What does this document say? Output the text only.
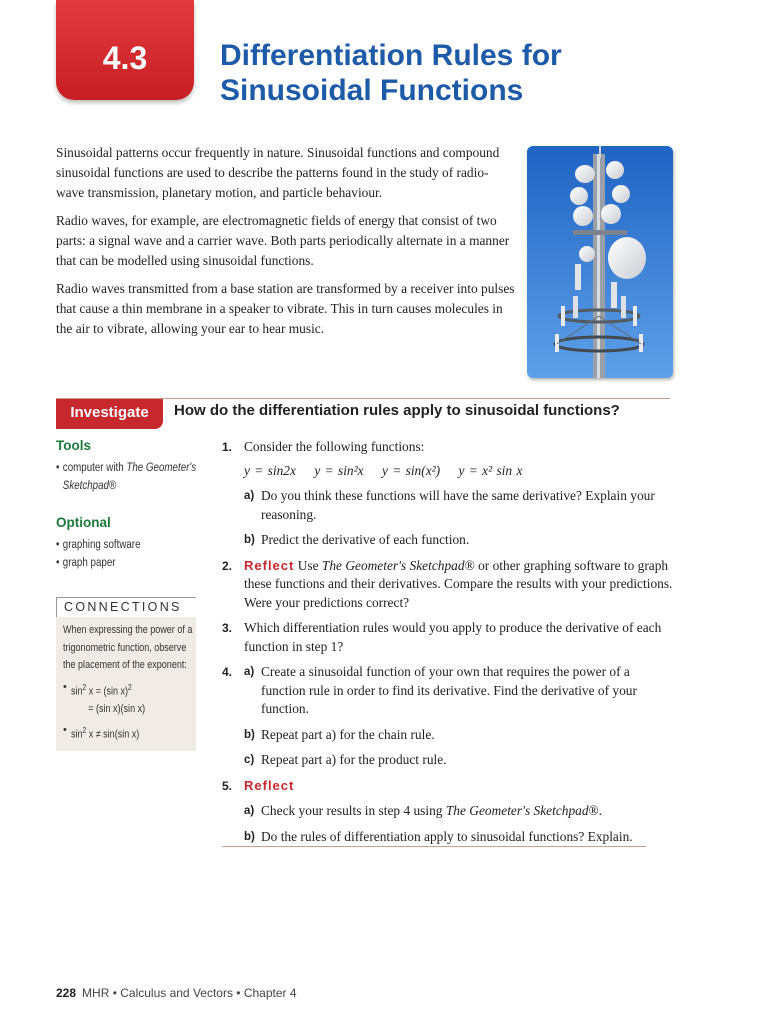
4.3	Differentiation Rules for
Sinusoidal Functions

Sinusoidal patterns occur frequently in nature. Sinusoidal functions and compound sinusoidal functions are used to describe the patterns found in the study of radio-wave transmission, planetary motion, and particle behaviour.

Radio waves, for example, are electromagnetic fields of energy that consist of two parts: a signal wave and a carrier wave. Both parts periodically alternate in a manner that can be modelled using sinusoidal functions.

Radio waves transmitted from a base station are transformed by a receiver into pulses that cause a thin membrane in a speaker to vibrate. This in turn causes molecules in the air to vibrate, allowing your ear to hear music.

Investigate	How do the differentiation rules apply to sinusoidal functions?
Tools
• computer with The Geometer's
Sketchpad®
Optional
• graphing software
• graph paper
CONNECTIONS
When expressing the power of a
trigonometric function, observe
the placement of the exponent:
• $\sin^2 x = (\sin$ x)$^2$
= (sin x)(sin x)
• $\sin^2 x \ne \sin(\sin$ x)
1. Consider the following functions:
y = sin2x y = sin²x y = sin(x²) y = x² sin x
a) Do you think these functions will have the same derivative? Explain your reasoning.
b) Predict the derivative of each function.
2. Reflect Use The Geometer's Sketchpad® or other graphing software to graph these functions and their derivatives. Compare the results with your predictions. Were your predictions correct?
3. Which differentiation rules would you apply to produce the derivative of each function in step 1?
4. a) Create a sinusoidal function of your own that requires the power of a function rule in order to find its derivative. Find the derivative of your function.
b) Repeat part a) for the chain rule.
c) Repeat part a) for the product rule.
5. Reflect
a) Check your results in step 4 using The Geometer's Sketchpad®.
b) Do the rules of differentiation apply to sinusoidal functions? Explain.
228 MHR • Calculus and Vectors • Chapter 4
